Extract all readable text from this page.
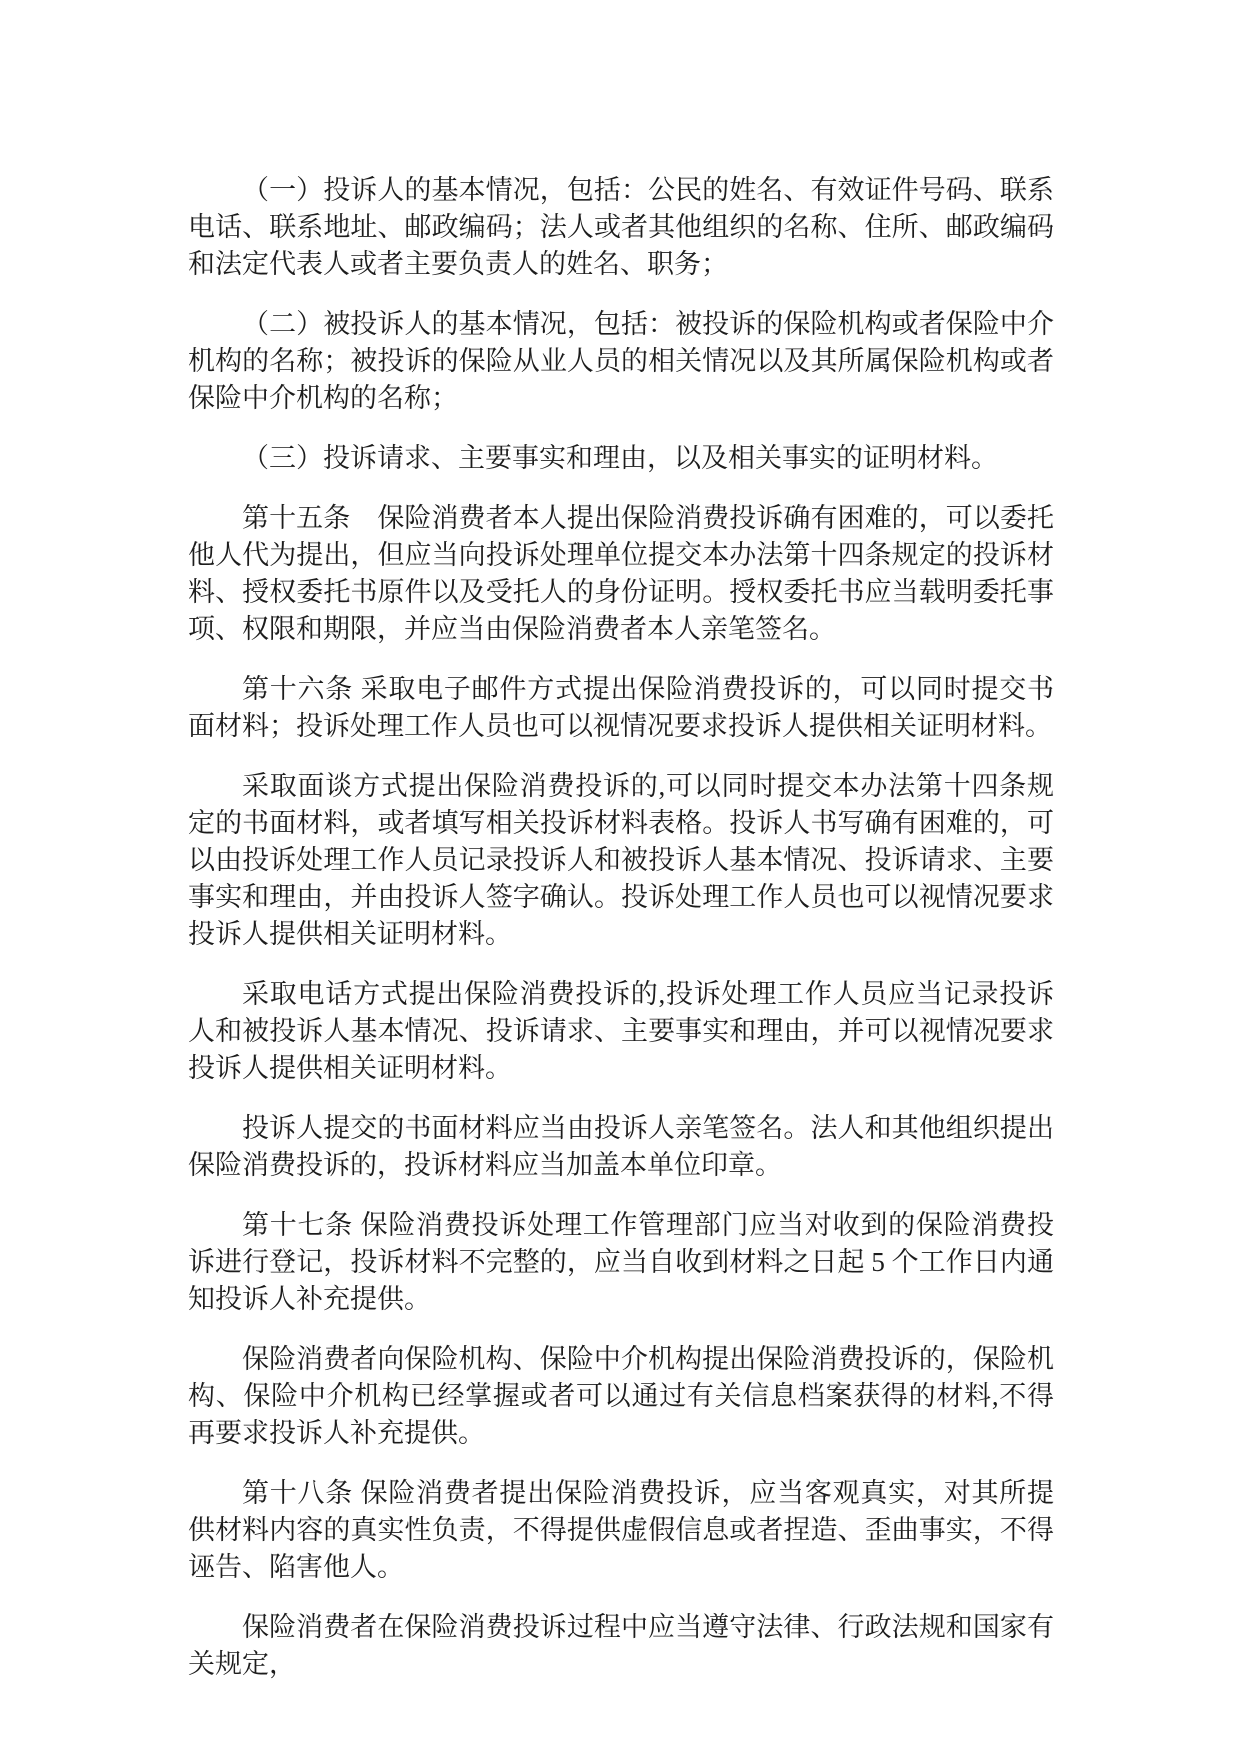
（一）投诉人的基本情况，包括：公民的姓名、有效证件号码、联系电话、联系地址、邮政编码；法人或者其他组织的名称、住所、邮政编码和法定代表人或者主要负责人的姓名、职务；

（二）被投诉人的基本情况，包括：被投诉的保险机构或者保险中介机构的名称；被投诉的保险从业人员的相关情况以及其所属保险机构或者保险中介机构的名称；

（三）投诉请求、主要事实和理由，以及相关事实的证明材料。

第十五条　保险消费者本人提出保险消费投诉确有困难的，可以委托他人代为提出，但应当向投诉处理单位提交本办法第十四条规定的投诉材料、授权委托书原件以及受托人的身份证明。授权委托书应当载明委托事项、权限和期限，并应当由保险消费者本人亲笔签名。

第十六条 采取电子邮件方式提出保险消费投诉的，可以同时提交书面材料；投诉处理工作人员也可以视情况要求投诉人提供相关证明材料。

采取面谈方式提出保险消费投诉的,可以同时提交本办法第十四条规定的书面材料，或者填写相关投诉材料表格。投诉人书写确有困难的，可以由投诉处理工作人员记录投诉人和被投诉人基本情况、投诉请求、主要事实和理由，并由投诉人签字确认。投诉处理工作人员也可以视情况要求投诉人提供相关证明材料。

采取电话方式提出保险消费投诉的,投诉处理工作人员应当记录投诉人和被投诉人基本情况、投诉请求、主要事实和理由，并可以视情况要求投诉人提供相关证明材料。

投诉人提交的书面材料应当由投诉人亲笔签名。法人和其他组织提出保险消费投诉的，投诉材料应当加盖本单位印章。

第十七条 保险消费投诉处理工作管理部门应当对收到的保险消费投诉进行登记，投诉材料不完整的，应当自收到材料之日起 5 个工作日内通知投诉人补充提供。

保险消费者向保险机构、保险中介机构提出保险消费投诉的，保险机构、保险中介机构已经掌握或者可以通过有关信息档案获得的材料,不得再要求投诉人补充提供。

第十八条 保险消费者提出保险消费投诉，应当客观真实，对其所提供材料内容的真实性负责，不得提供虚假信息或者捏造、歪曲事实，不得诬告、陷害他人。

保险消费者在保险消费投诉过程中应当遵守法律、行政法规和国家有关规定，
